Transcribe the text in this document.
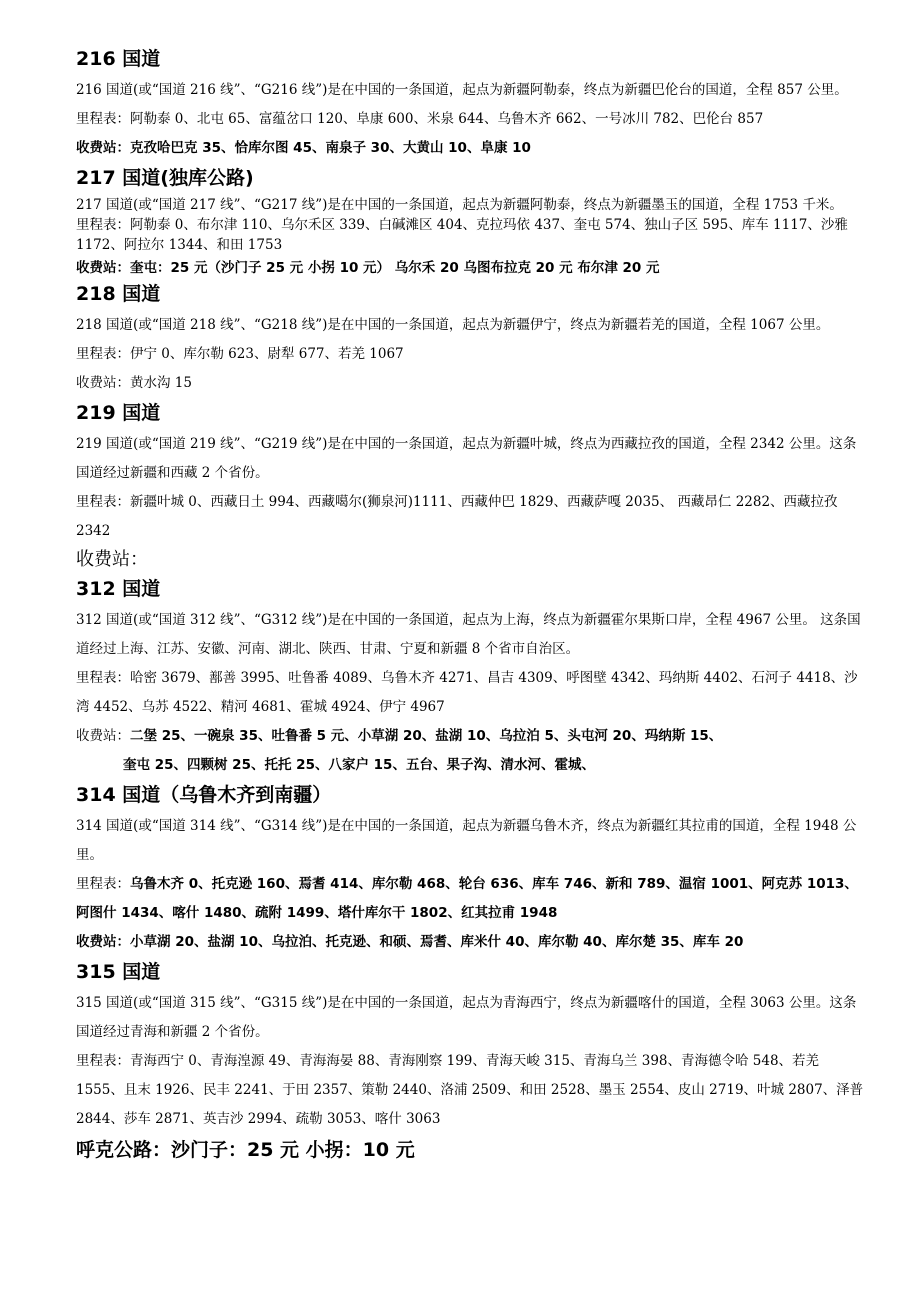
216 国道

216 国道(或“国道 216 线”、“G216 线”)是在中国的一条国道，起点为新疆阿勒泰，终点为新疆巴伦台的国道，全程 857 公里。

里程表：阿勒泰 0、北屯 65、富蕴岔口 120、阜康 600、米泉 644、乌鲁木齐 662、一号冰川 782、巴伦台 857

收费站：克孜哈巴克 35、恰库尔图 45、南泉子 30、大黄山 10、阜康 10

217 国道(独库公路)

217 国道(或“国道 217 线”、“G217 线”)是在中国的一条国道，起点为新疆阿勒泰，终点为新疆墨玉的国道，全程 1753 千米。

里程表：阿勒泰 0、布尔津 110、乌尔禾区 339、白碱滩区 404、克拉玛依 437、奎屯 574、独山子区 595、库车 1117、沙雅 1172、阿拉尔 1344、和田 1753

收费站：奎屯：25 元（沙门子 25 元 小拐 10 元） 乌尔禾 20 乌图布拉克 20 元 布尔津 20 元

218 国道

218 国道(或“国道 218 线”、“G218 线”)是在中国的一条国道，起点为新疆伊宁，终点为新疆若羌的国道，全程 1067 公里。

里程表：伊宁 0、库尔勒 623、尉犁 677、若羌 1067

收费站：黄水沟 15

219 国道

219 国道(或“国道 219 线”、“G219 线”)是在中国的一条国道，起点为新疆叶城，终点为西藏拉孜的国道，全程 2342 公里。这条国道经过新疆和西藏 2 个省份。

里程表：新疆叶城 0、西藏日土 994、西藏噶尔(狮泉河)1111、西藏仲巴 1829、西藏萨嘎 2035、 西藏昂仁 2282、西藏拉孜 2342

收费站：

312 国道

312 国道(或“国道 312 线”、“G312 线”)是在中国的一条国道，起点为上海，终点为新疆霍尔果斯口岸，全程 4967 公里。 这条国道经过上海、江苏、安徽、河南、湖北、陕西、甘肃、宁夏和新疆 8 个省市自治区。

里程表：哈密 3679、鄯善 3995、吐鲁番 4089、乌鲁木齐 4271、昌吉 4309、呼图壁 4342、玛纳斯 4402、石河子 4418、沙湾 4452、乌苏 4522、精河 4681、霍城 4924、伊宁 4967

收费站：二堡 25、一碗泉 35、吐鲁番 5 元、小草湖 20、盐湖 10、乌拉泊 5、头屯河 20、玛纳斯 15、

奎屯 25、四颗树 25、托托 25、八家户 15、五台、果子沟、清水河、霍城、

314 国道（乌鲁木齐到南疆）

314 国道(或“国道 314 线”、“G314 线”)是在中国的一条国道，起点为新疆乌鲁木齐，终点为新疆红其拉甫的国道，全程 1948 公里。

里程表：乌鲁木齐 0、托克逊 160、焉耆 414、库尔勒 468、轮台 636、库车 746、新和 789、温宿 1001、阿克苏 1013、阿图什 1434、喀什 1480、疏附 1499、塔什库尔干 1802、红其拉甫 1948

收费站：小草湖 20、盐湖 10、乌拉泊、托克逊、和硕、焉耆、库米什 40、库尔勒 40、库尔楚 35、库车 20

315 国道

315 国道(或“国道 315 线”、“G315 线”)是在中国的一条国道，起点为青海西宁，终点为新疆喀什的国道，全程 3063 公里。这条国道经过青海和新疆 2 个省份。

里程表：青海西宁 0、青海湟源 49、青海海晏 88、青海刚察 199、青海天峻 315、青海乌兰 398、青海德令哈 548、若羌 1555、且末 1926、民丰 2241、于田 2357、策勒 2440、洛浦 2509、和田 2528、墨玉 2554、皮山 2719、叶城 2807、泽普 2844、莎车 2871、英吉沙 2994、疏勒 3053、喀什 3063

呼克公路：沙门子：25 元 小拐：10 元
